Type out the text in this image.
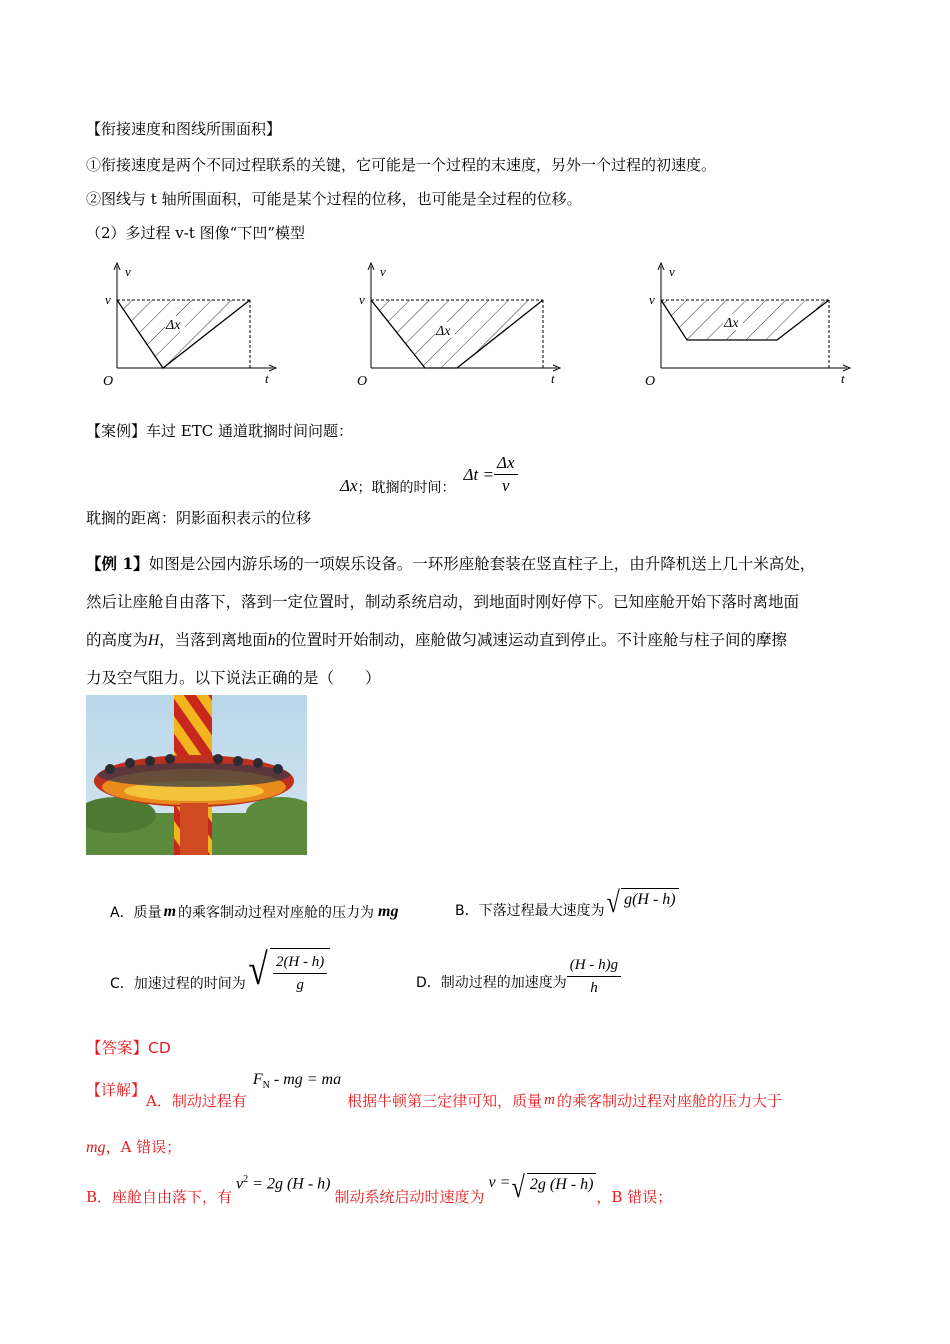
【衔接速度和图线所围面积】
①衔接速度是两个不同过程联系的关键，它可能是一个过程的末速度，另外一个过程的初速度。
②图线与 t 轴所围面积，可能是某个过程的位移，也可能是全过程的位移。
（2）多过程 v-t 图像“下凹”模型
v
v
O	t
Δx
v
v
O	t
Δx
v
v
O	t
Δx
【案例】车过 ETC 通道耽搁时间问题：
Δx ；耽搁的时间：
$\Delta t = \frac{\Delta x}{v}$
耽搁的距离：阴影面积表示的位移
【例 1】如图是公园内游乐场的一项娱乐设备。一环形座舱套装在竖直柱子上，由升降机送上几十米高处，
然后让座舱自由落下，落到一定位置时，制动系统启动，到地面时刚好停下。已知座舱开始下落时离地面
的高度为H，当落到离地面h的位置时开始制动，座舱做匀减速运动直到停止。不计座舱与柱子间的摩擦
力及空气阻力。以下说法正确的是（　　）
A．质量 m 的乘客制动过程对座舱的压力为 mg	B．下落过程最大速度为 √ g(H - h)
C．加速过程的时间为 √ $\frac{2(H - h)}{g}$	D．制动过程的加速度为 $\frac{(H - h)g}{h}$
【答案】CD
【详解】
A．制动过程有
$F_N$ - mg = ma
根据牛顿第三定律可知，质量 m 的乘客制动过程对座舱的压力大于
mg，A 错误；
B．座舱自由落下，有
$v^2 = 2g$ (H - h)
制动系统启动时速度为
v = √ 2g (H - h)
，B 错误；
